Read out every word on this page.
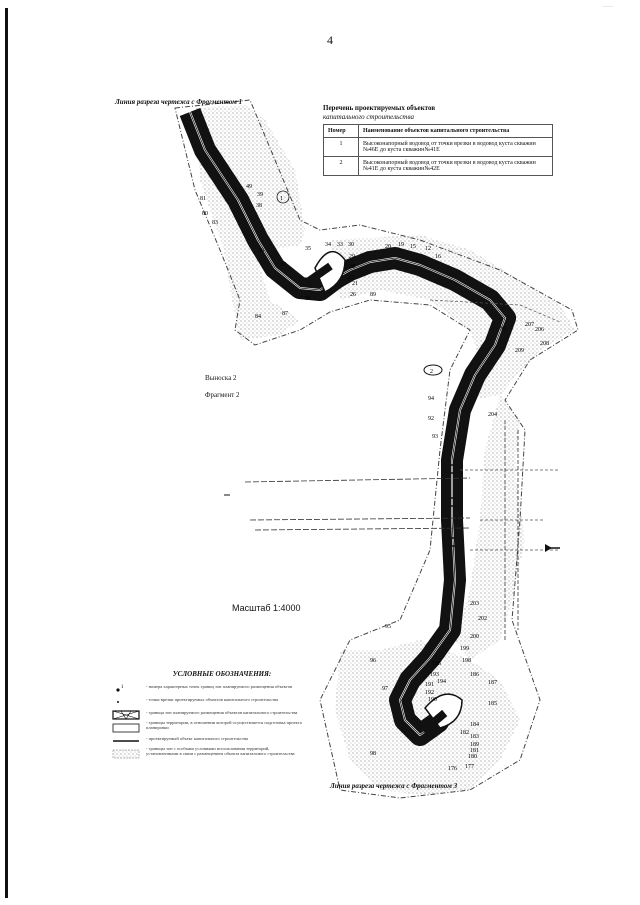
4
...........
1
2
81
80
83
49
39
38
36
37
35
34 33 30
29
28
20 19 15 12
16
26
22
21
89
86
87
84
90
207
206
208
209
204
94
92
93
97
98
96
95
203
202
200
199
198
195
193
194
191
192
190
187
186
185
184
183
182
189
181
180
177
176
Линия разреза чертежа с Фрагментом 1
Линия разреза чертежа с Фрагментом 3
Перечень проектируемых объектов
капитального строительства
Номер	Наименование объектов капитального строительства
1	Высоконапорный водовод от точки врезки в водовод куста скважин №46Е до куста скважин№41Е
2	Высоконапорный водовод от точки врезки в водовод куста скважин №41Е до куста скважин№42Е
Выноска 2
Фрагмент 2
Масштаб 1:4000
УСЛОВНЫЕ ОБОЗНАЧЕНИЯ:
1	- номера характерных точек границ зон планируемого размещения объектов
- точки врезки проектируемых объектов капитального строительства
- граница зон планируемого размещения объектов капитального строительства
- границы территории, в отношении которой осуществляется подготовка проекта планировки
- проектируемый объект капитального строительства
- границы зон с особыми условиями использования территорий, установленными в связи с размещением объекта капитального строительства
